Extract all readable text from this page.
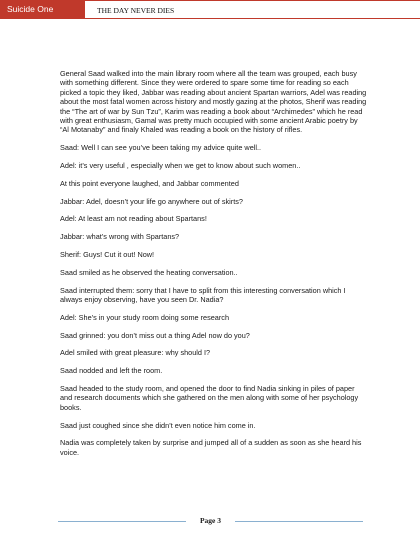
Suicide One	THE DAY NEVER DIES

General Saad walked into the main library room where all the team was grouped, each busy with something different. Since they were ordered to spare some time for reading so each picked a topic they liked, Jabbar was reading about ancient Spartan warriors, Adel was reading about the most fatal women across history and mostly gazing at the photos, Sherif was reading the “The art of war by Sun Tzu”, Karim was reading a book about “Archimedes” which he read with great enthusiasm, Gamal was pretty much occupied with some ancient Arabic poetry by “Al Motanaby” and finaly Khaled was reading a book on the history of rifles.

Saad: Well I can see you’ve been taking my advice quite well..

Adel: it’s very useful , especially when we get to know about such women..

At this point everyone laughed, and Jabbar commented

Jabbar: Adel, doesn’t your life go anywhere out of skirts?

Adel: At least am not reading about Spartans!

Jabbar: what’s wrong with Spartans?

Sherif: Guys! Cut it out! Now!

Saad smiled as he observed the heating conversation..

Saad interrupted them: sorry that I have to split from this interesting conversation which I always enjoy observing, have you seen Dr. Nadia?

Adel: She’s in your study room doing some research

Saad grinned: you don’t miss out a thing Adel now do you?

Adel smiled with great pleasure: why should I?

Saad nodded and left the room.

Saad headed to the study room, and opened the door to find Nadia sinking in piles of paper and research documents which she gathered on the men along with some of her psychology books.

Saad just coughed since she didn’t even notice him come in.

Nadia was completely taken by surprise and jumped all of a sudden as soon as she heard his voice.

Page 3
